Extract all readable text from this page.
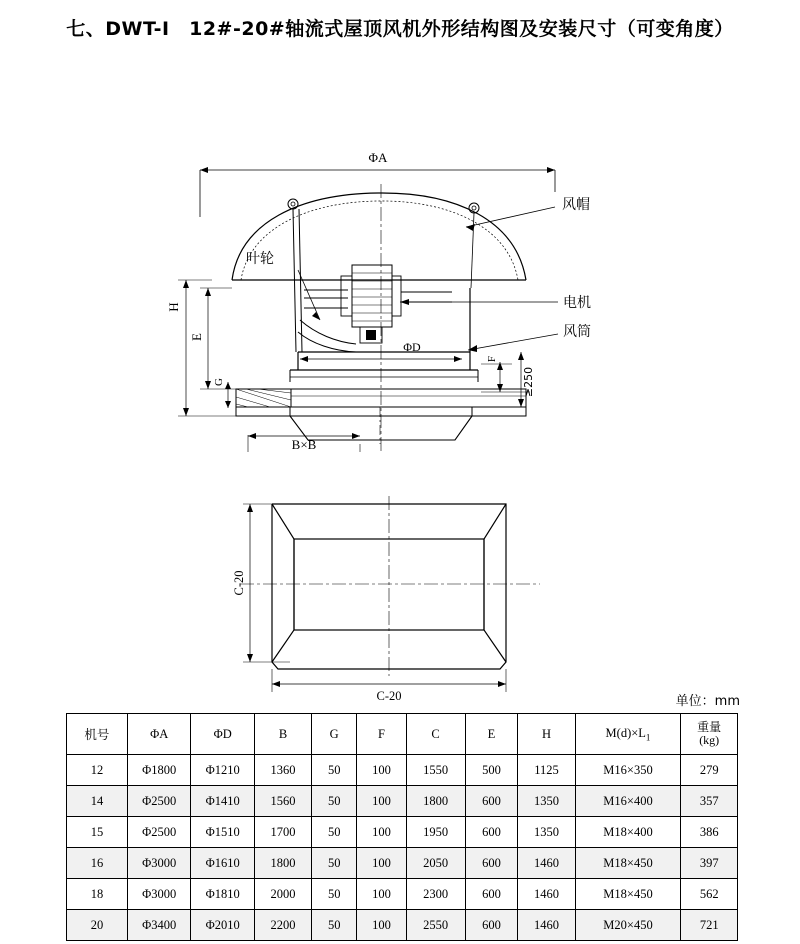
七、DWT-Ⅰ　12#-20#轴流式屋顶风机外形结构图及安装尺寸（可变角度）
ΦA
ΦD
H
E
G
F
≥250
B×B
C-20
C-20
风帽
叶轮
电机
风筒
单位：mm
机号	ΦA	ΦD	B	G	F	C	E	H	$M(d)\times L_1$	重量
(kg)
12	Φ1800	Φ1210	1360	50	100	1550	500	1125	M16×350	279
14	Φ2500	Φ1410	1560	50	100	1800	600	1350	M16×400	357
15	Φ2500	Φ1510	1700	50	100	1950	600	1350	M18×400	386
16	Φ3000	Φ1610	1800	50	100	2050	600	1460	M18×450	397
18	Φ3000	Φ1810	2000	50	100	2300	600	1460	M18×450	562
20	Φ3400	Φ2010	2200	50	100	2550	600	1460	M20×450	721
